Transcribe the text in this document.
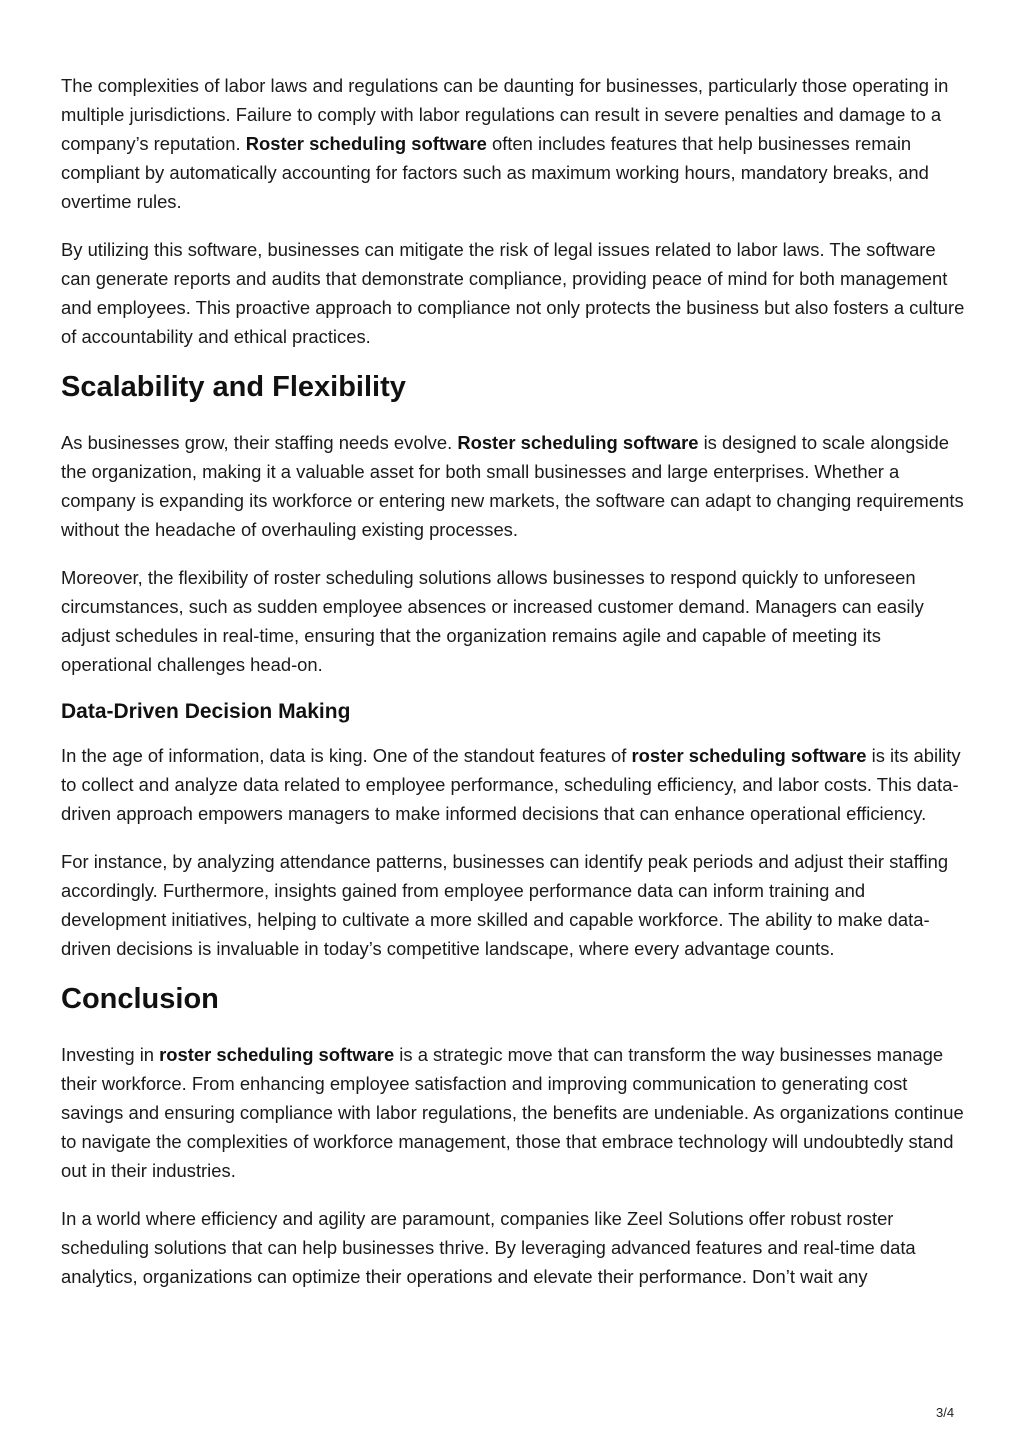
The complexities of labor laws and regulations can be daunting for businesses, particularly those operating in multiple jurisdictions. Failure to comply with labor regulations can result in severe penalties and damage to a company’s reputation. Roster scheduling software often includes features that help businesses remain compliant by automatically accounting for factors such as maximum working hours, mandatory breaks, and overtime rules.

By utilizing this software, businesses can mitigate the risk of legal issues related to labor laws. The software can generate reports and audits that demonstrate compliance, providing peace of mind for both management and employees. This proactive approach to compliance not only protects the business but also fosters a culture of accountability and ethical practices.

Scalability and Flexibility

As businesses grow, their staffing needs evolve. Roster scheduling software is designed to scale alongside the organization, making it a valuable asset for both small businesses and large enterprises. Whether a company is expanding its workforce or entering new markets, the software can adapt to changing requirements without the headache of overhauling existing processes.

Moreover, the flexibility of roster scheduling solutions allows businesses to respond quickly to unforeseen circumstances, such as sudden employee absences or increased customer demand. Managers can easily adjust schedules in real-time, ensuring that the organization remains agile and capable of meeting its operational challenges head-on.

Data-Driven Decision Making

In the age of information, data is king. One of the standout features of roster scheduling software is its ability to collect and analyze data related to employee performance, scheduling efficiency, and labor costs. This data-driven approach empowers managers to make informed decisions that can enhance operational efficiency.

For instance, by analyzing attendance patterns, businesses can identify peak periods and adjust their staffing accordingly. Furthermore, insights gained from employee performance data can inform training and development initiatives, helping to cultivate a more skilled and capable workforce. The ability to make data-driven decisions is invaluable in today’s competitive landscape, where every advantage counts.

Conclusion

Investing in roster scheduling software is a strategic move that can transform the way businesses manage their workforce. From enhancing employee satisfaction and improving communication to generating cost savings and ensuring compliance with labor regulations, the benefits are undeniable. As organizations continue to navigate the complexities of workforce management, those that embrace technology will undoubtedly stand out in their industries.

In a world where efficiency and agility are paramount, companies like Zeel Solutions offer robust roster scheduling solutions that can help businesses thrive. By leveraging advanced features and real-time data analytics, organizations can optimize their operations and elevate their performance. Don’t wait any

3/4
